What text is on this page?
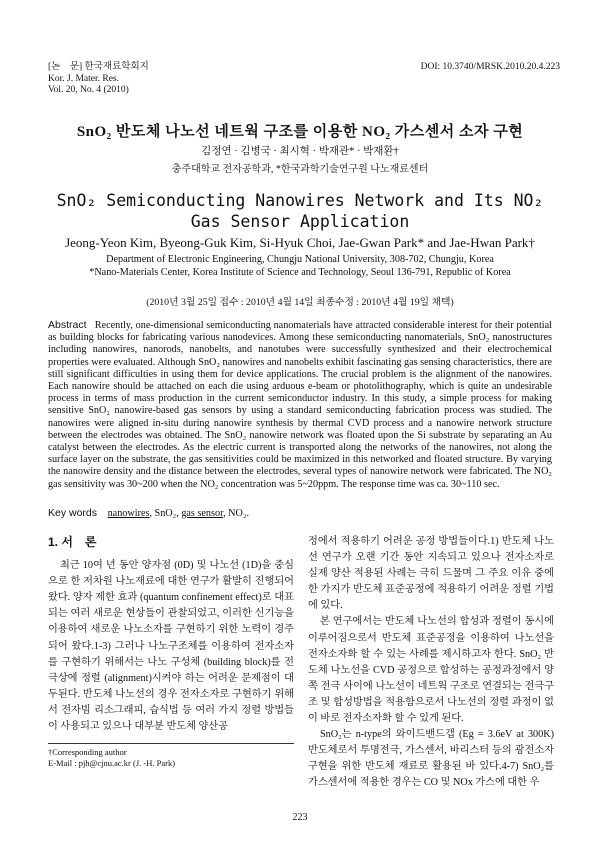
[논　문] 한국재료학회지
Kor. J. Mater. Res.
Vol. 20, No. 4 (2010)
DOI: 10.3740/MRSK.2010.20.4.223
SnO₂ 반도체 나노선 네트웍 구조를 이용한 NO₂ 가스센서 소자 구현
김정연 · 김병국 · 최시혁 · 박재관* · 박재환†
충주대학교 전자공학과, *한국과학기술연구원 나노재료센터
SnO₂ Semiconducting Nanowires Network and Its NO₂
Gas Sensor Application
Jeong-Yeon Kim, Byeong-Guk Kim, Si-Hyuk Choi, Jae-Gwan Park* and Jae-Hwan Park†
Department of Electronic Engineering, Chungju National University, 308-702, Chungju, Korea
*Nano-Materials Center, Korea Institute of Science and Technology, Seoul 136-791, Republic of Korea
(2010년 3월 25일 접수 : 2010년 4월 14일 최종수정 : 2010년 4월 19일 채택)
Abstract Recently, one-dimensional semiconducting nanomaterials have attracted considerable interest for their potential as building blocks for fabricating various nanodevices. Among these semiconducting nanomaterials, SnO₂ nanostructures including nanowires, nanorods, nanobelts, and nanotubes were successfully synthesized and their electrochemical properties were evaluated. Although SnO₂ nanowires and nanobelts exhibit fascinating gas sensing characteristics, there are still significant difficulties in using them for device applications. The crucial problem is the alignment of the nanowires. Each nanowire should be attached on each die using arduous e-beam or photolithography, which is quite an undesirable process in terms of mass production in the current semiconductor industry. In this study, a simple process for making sensitive SnO₂ nanowire-based gas sensors by using a standard semiconducting fabrication process was studied. The nanowires were aligned in-situ during nanowire synthesis by thermal CVD process and a nanowire network structure between the electrodes was obtained. The SnO₂ nanowire network was floated upon the Si substrate by separating an Au catalyst between the electrodes. As the electric current is transported along the networks of the nanowires, not along the surface layer on the substrate, the gas sensitivities could be maximized in this networked and floated structure. By varying the nanowire density and the distance between the electrodes, several types of nanowire network were fabricated. The NO₂ gas sensitivity was 30~200 when the NO₂ concentration was 5~20ppm. The response time was ca. 30~110 sec.
Key words nanowires, SnO₂, gas sensor, NO₂.
1. 서　론

최근 10여 년 동안 양자점 (0D) 및 나노선 (1D)을 중심으로 한 저차원 나노재료에 대한 연구가 활발히 진행되어 왔다. 양자 제한 효과 (quantum confinement effect)로 대표되는 여러 새로운 현상들이 관찰되었고, 이러한 신기능을 이용하여 새로운 나노소자를 구현하기 위한 노력이 경주되어 왔다.1-3) 그러나 나노구조체를 이용하여 전자소자를 구현하기 위해서는 나노 구성체 (building block)를 전극상에 정렬 (alignment)시켜야 하는 어려운 문제점이 대두된다. 반도체 나노선의 경우 전자소자로 구현하기 위해서 전자빔 리소그래피, 습식법 등 여러 가지 정렬 방법들이 사용되고 있으나 대부분 반도체 양산공

정에서 적용하기 어려운 공정 방법들이다.1) 반도체 나노선 연구가 오랜 기간 동안 지속되고 있으나 전자소자로 실제 양산 적용된 사례는 극히 드물며 그 주요 이유 중에 한 가지가 반도체 표준공정에 적용하기 어려운 정렬 기법에 있다.

본 연구에서는 반도체 나노선의 합성과 정렬이 동시에 이루어짐으로서 반도체 표준공정을 이용하여 나노선을 전자소자화 할 수 있는 사례를 제시하고자 한다. SnO₂ 반도체 나노선을 CVD 공정으로 합성하는 공정과정에서 양쪽 전극 사이에 나노선이 네트웍 구조로 연결되는 전극구조 및 합성방법을 적용함으로서 나노선의 정렬 과정이 없이 바로 전자소자화 할 수 있게 된다.

SnO₂는 n-type의 와이드밴드갭 (Eg = 3.6eV at 300K) 반도체로서 투명전극, 가스센서, 바리스터 등의 광전소자 구현을 위한 반도체 재료로 활용된 바 있다.4-7) SnO₂를 가스센서에 적용한 경우는 CO 및 NOx 가스에 대한 우

†Corresponding author
E-Mail : pjh@cjnu.ac.kr (J. -H. Park)
223
